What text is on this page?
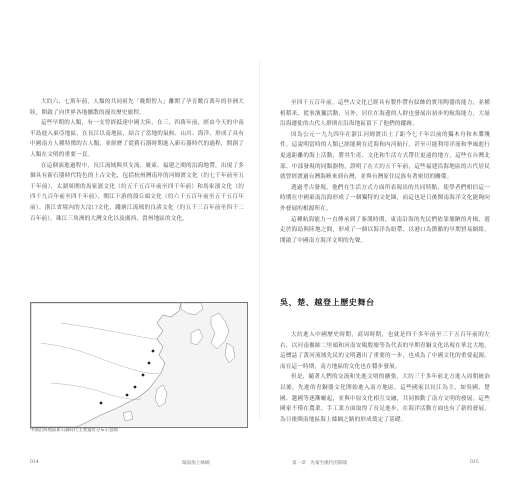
大約六、七萬年前，人類的共同祖先「晚期智人」離開了孕育數百萬年的非洲大陸，開啟了向世界各地擴散的漫長歷史旅程。

這些早期的人類，有一支曾經抵達中國大陸，在三、四萬年前，經由今天的中南半島進入東亞地區，在長江以南地區，結合了當地的氣候、山川、海洋、形成了具有中國南方人種特徵的古人類，並經歷了從舊石器時期進入新石器時代的過程，開創了人類在文明的重要一頁。

在這個演進過程中，長江流域與其支流、廣東、福建之間的沿海地帶，出現了多個具有新石器時代特色的上古文化，包括杭州灣南岸的河姆渡文化（約七千年前至五千年前）、太湖周圍的馬家濱文化（約五千五百年前至四千年前）和馬家濱文化（約四千九百年前至四千年前），閩江下游的殼丘頭文化（約六千五百年前至五千五百年前）、浙江省境內的大汶口文化，錢塘江流域的良渚文化（約五千三百年前至四千二百年前），珠江三角洲的大灣文化以及廣西、貴州地區的文化。

中國沿海地區新石器時代主要遺址分布示意圖
014	閩南海上絲綢

至四千五百年前，這些古文化已經具有製作帶有紋飾的實用陶器的能力，並種植稻米、從事漁獵活動，另外，居住在海邊的人群也發展出初步的航海能力，大量沿海遷徙的古代人群則在沿海地區留下了他們的蹤跡。

因為公元一九九四年在浙江河姆渡出土了距今七千年以前的獨木舟和木槳殘件，這說明當時的人類已經能夠在近海和內河航行，甚至可能利用洋流和季風進行更遠距離的海上活動，將其生產、文化和生活方式帶往更遠的地方。這些在台灣北部、中部發現的同類器物，證明了在大約五千年前，這些福建沿海地區的古代居民就曾經渡過台灣海峽來到台灣，並與台灣原住民族有著密切的關係。

透過考古發現，他們在生活方式方面所表現出的共同特點，使學者們相信這一時期在中國東南沿海形成了一個獨特的文化圈，而這也是日後閩南海洋文化能夠向外發展的根源所在。

這種航海能力一直傳承到了秦漢時期，東南沿海的先民們依靠簡陋的舟楫，遊走於海島與陸地之間，形成了一個以海洋為紐帶、以港口為節點的早期貿易網絡，開啟了中國南方海洋文明的先聲。

吳、楚、越登上歷史舞台

大約進入中國歷史時期，商周時期，也就是四千多年前至三千五百年前的左右，以河南偃師二里頭和河南安陽殷墟等為代表的早期青銅文化出現在華北大地，這標誌了黃河流域先民的文明邁出了重要的一步，也成為了中國文化的重要起源。而在這一時期，南方地區的文化也在穩步發展。

但是，隨著人們的交流和先進文明的擴張，大約三千多年前北方進入周朝統治以後，先進的青銅器文化開始進入南方地區，這些國家以長江為主，如吳國、楚國、越國等逐漸崛起，並與中原文化相互交融，共同推動了南方文明的發展。這些國家不僅在農業、手工業方面取得了長足進步，在海洋活動方面也有了新的發展，為日後閩南地區海上絲綢之路的形成奠定了基礎。

第一章　先秦至漢代的開端	015
